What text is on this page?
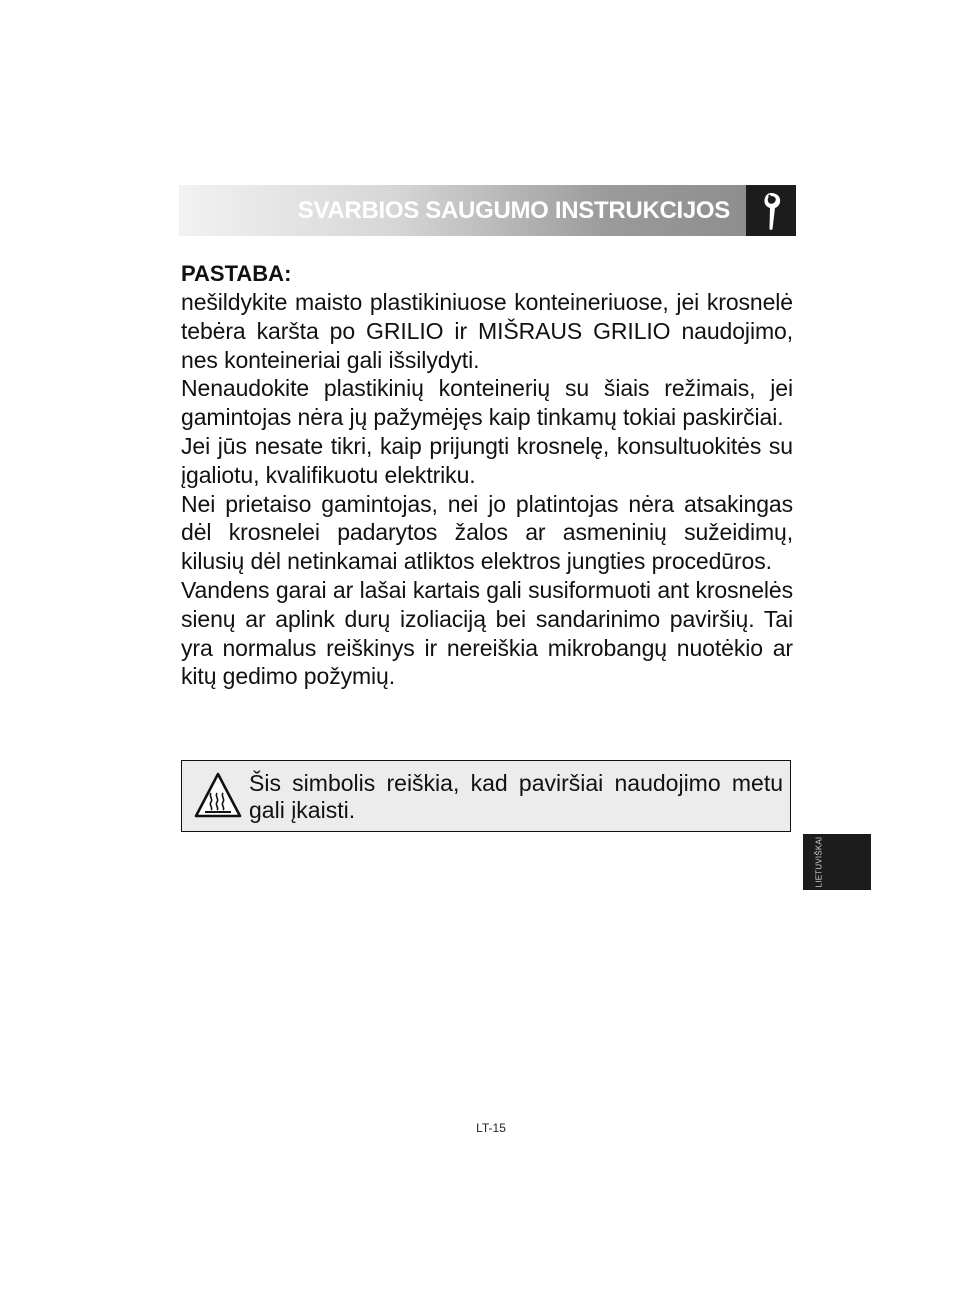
SVARBIOS SAUGUMO INSTRUKCIJOS

PASTABA:

nešildykite maisto plastikiniuose konteineriuose, jei krosnelė tebėra karšta po GRILIO ir MIŠRAUS GRILIO naudojimo, nes konteineriai gali išsilydyti.

Nenaudokite plastikinių konteinerių su šiais režimais, jei gamintojas nėra jų pažymėjęs kaip tinkamų tokiai paskirčiai.

Jei jūs nesate tikri, kaip prijungti krosnelę, konsultuokitės su įgaliotu, kvalifikuotu elektriku.

Nei prietaiso gamintojas, nei jo platintojas nėra atsakingas dėl krosnelei padarytos žalos ar asmeninių sužeidimų, kilusių dėl netinkamai atliktos elektros jungties procedūros.

Vandens garai ar lašai kartais gali susiformuoti ant krosnelės sienų ar aplink durų izoliaciją bei sandarinimo paviršių. Tai yra normalus reiškinys ir nereiškia mikrobangų nuotėkio ar kitų gedimo požymių.

Šis simbolis reiškia, kad paviršiai naudojimo metu gali įkaisti.

LIETUVIŠKAI
LT-15
